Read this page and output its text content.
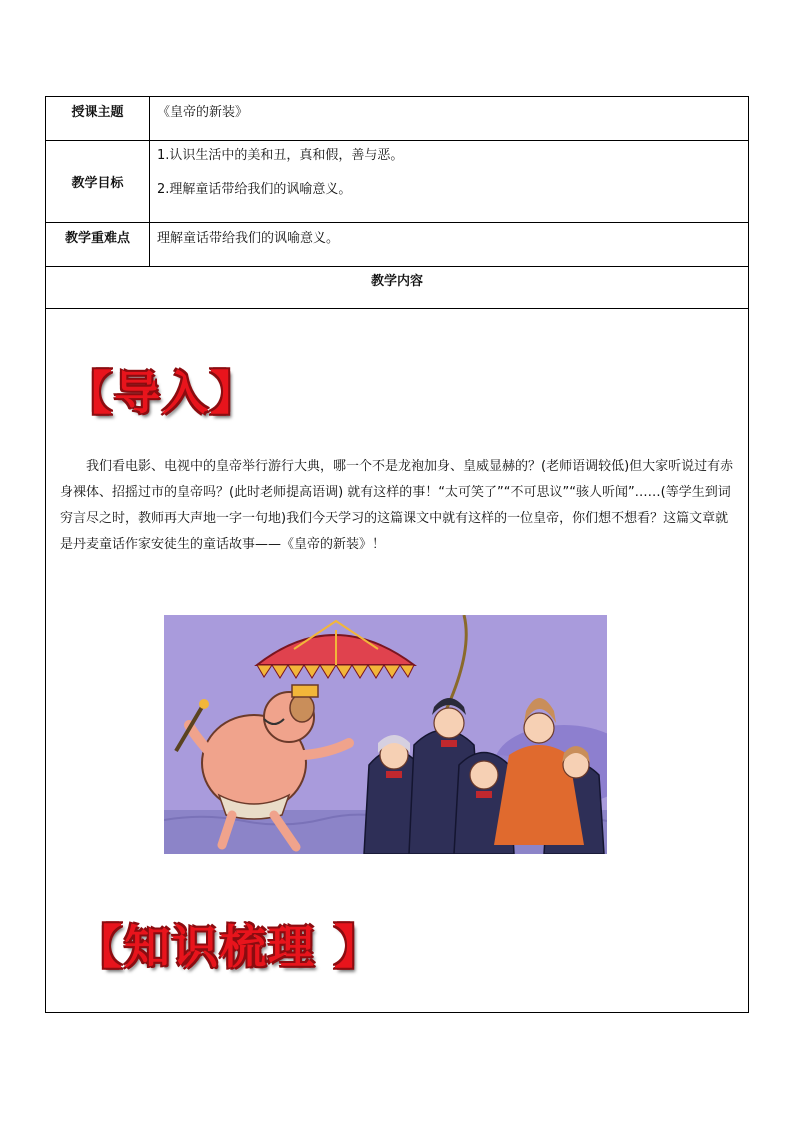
授课主题	《皇帝的新装》
教学目标

1.认识生活中的美和丑，真和假，善与恶。

2.理解童话带给我们的讽喻意义。

教学重难点	理解童话带给我们的讽喻意义。
教学内容
【导入】
我们看电影、电视中的皇帝举行游行大典，哪一个不是龙袍加身、皇威显赫的？(老师语调较低)但大家听说过有赤身裸体、招摇过市的皇帝吗？(此时老师提高语调) 就有这样的事！“太可笑了”“不可思议”“骇人听闻”……(等学生到词穷言尽之时，教师再大声地一字一句地)我们今天学习的这篇课文中就有这样的一位皇帝，你们想不想看？这篇文章就是丹麦童话作家安徒生的童话故事——《皇帝的新装》！
【知识梳理 】
